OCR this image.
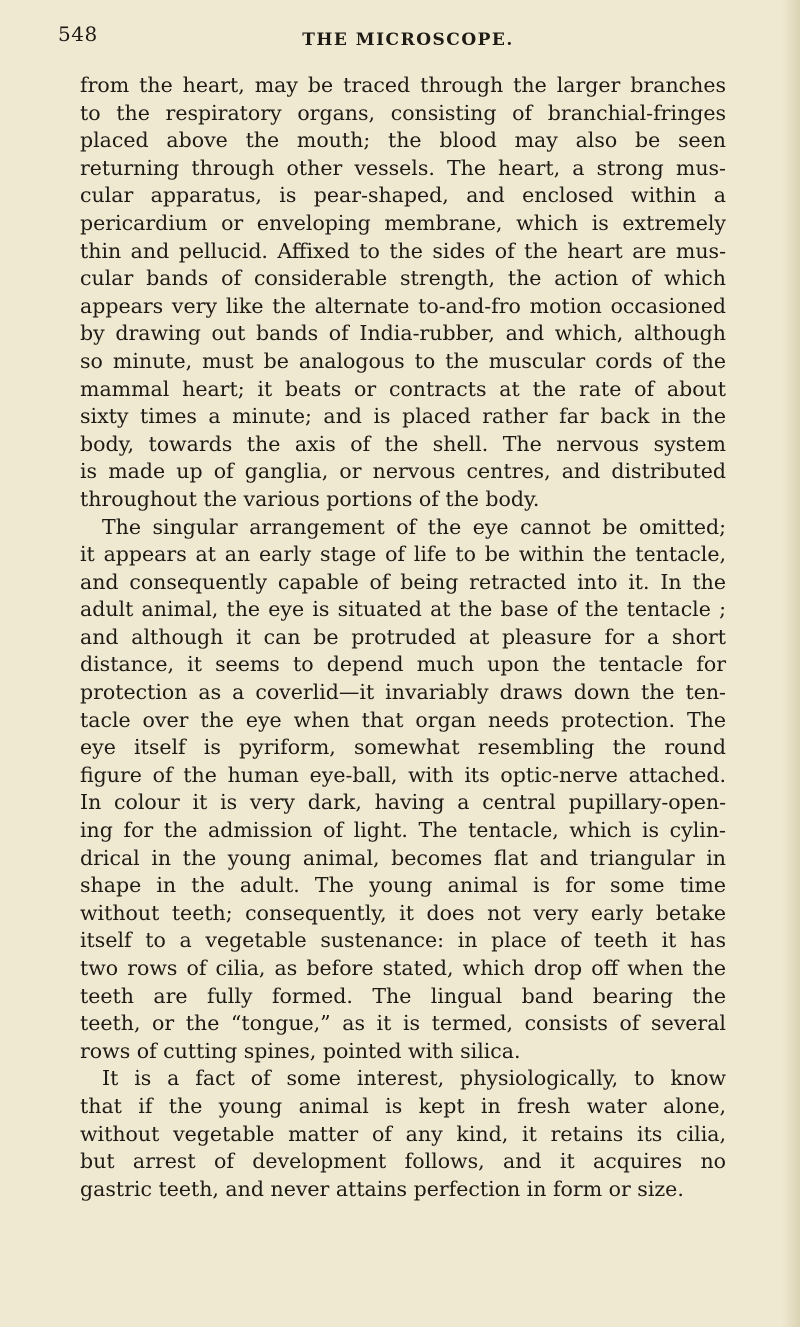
548	THE MICROSCOPE.
from the heart, may be traced through the larger branches
to the respiratory organs, consisting of branchial-fringes
placed above the mouth; the blood may also be seen
returning through other vessels. The heart, a strong mus-
cular apparatus, is pear-shaped, and enclosed within a
pericardium or enveloping membrane, which is extremely
thin and pellucid. Affixed to the sides of the heart are mus-
cular bands of considerable strength, the action of which
appears very like the alternate to-and-fro motion occasioned
by drawing out bands of India-rubber, and which, although
so minute, must be analogous to the muscular cords of the
mammal heart; it beats or contracts at the rate of about
sixty times a minute; and is placed rather far back in the
body, towards the axis of the shell. The nervous system
is made up of ganglia, or nervous centres, and distributed
throughout the various portions of the body.
The singular arrangement of the eye cannot be omitted;
it appears at an early stage of life to be within the tentacle,
and consequently capable of being retracted into it. In the
adult animal, the eye is situated at the base of the tentacle ;
and although it can be protruded at pleasure for a short
distance, it seems to depend much upon the tentacle for
protection as a coverlid—it invariably draws down the ten-
tacle over the eye when that organ needs protection. The
eye itself is pyriform, somewhat resembling the round
figure of the human eye-ball, with its optic-nerve attached.
In colour it is very dark, having a central pupillary-open-
ing for the admission of light. The tentacle, which is cylin-
drical in the young animal, becomes flat and triangular in
shape in the adult. The young animal is for some time
without teeth; consequently, it does not very early betake
itself to a vegetable sustenance: in place of teeth it has
two rows of cilia, as before stated, which drop off when the
teeth are fully formed. The lingual band bearing the
teeth, or the “tongue,” as it is termed, consists of several
rows of cutting spines, pointed with silica.
It is a fact of some interest, physiologically, to know
that if the young animal is kept in fresh water alone,
without vegetable matter of any kind, it retains its cilia,
but arrest of development follows, and it acquires no
gastric teeth, and never attains perfection in form or size.
